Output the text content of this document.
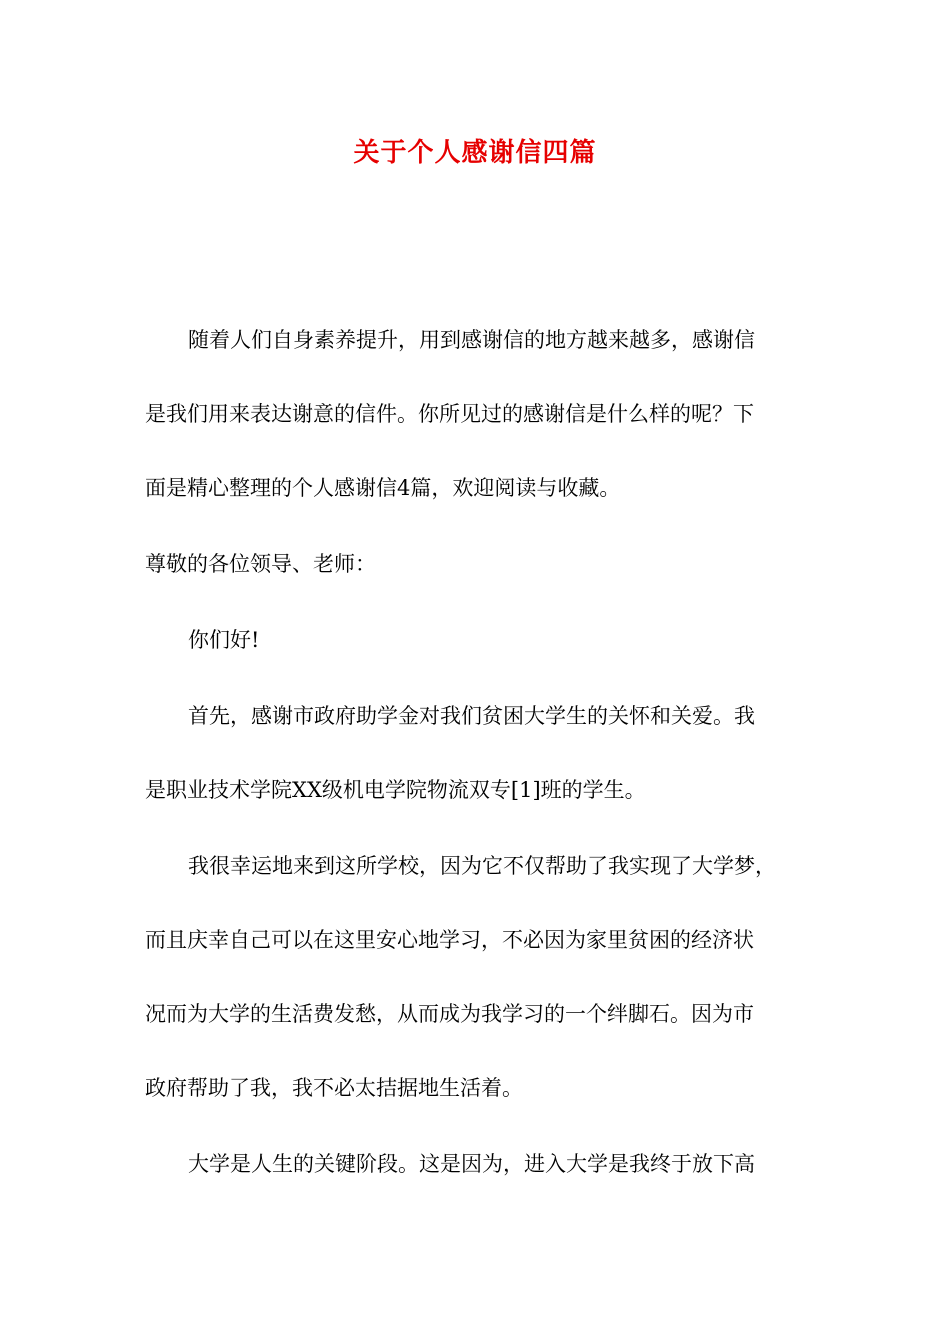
关于个人感谢信四篇

随着人们自身素养提升，用到感谢信的地方越来越多，感谢信

是我们用来表达谢意的信件。你所见过的感谢信是什么样的呢？下

面是精心整理的个人感谢信4篇，欢迎阅读与收藏。

尊敬的各位领导、老师：

你们好!

首先，感谢市政府助学金对我们贫困大学生的关怀和关爱。我

是职业技术学院XX级机电学院物流双专[1]班的学生。

我很幸运地来到这所学校，因为它不仅帮助了我实现了大学梦，

而且庆幸自己可以在这里安心地学习，不必因为家里贫困的经济状

况而为大学的生活费发愁，从而成为我学习的一个绊脚石。因为市

政府帮助了我，我不必太拮据地生活着。

大学是人生的关键阶段。这是因为，进入大学是我终于放下高
